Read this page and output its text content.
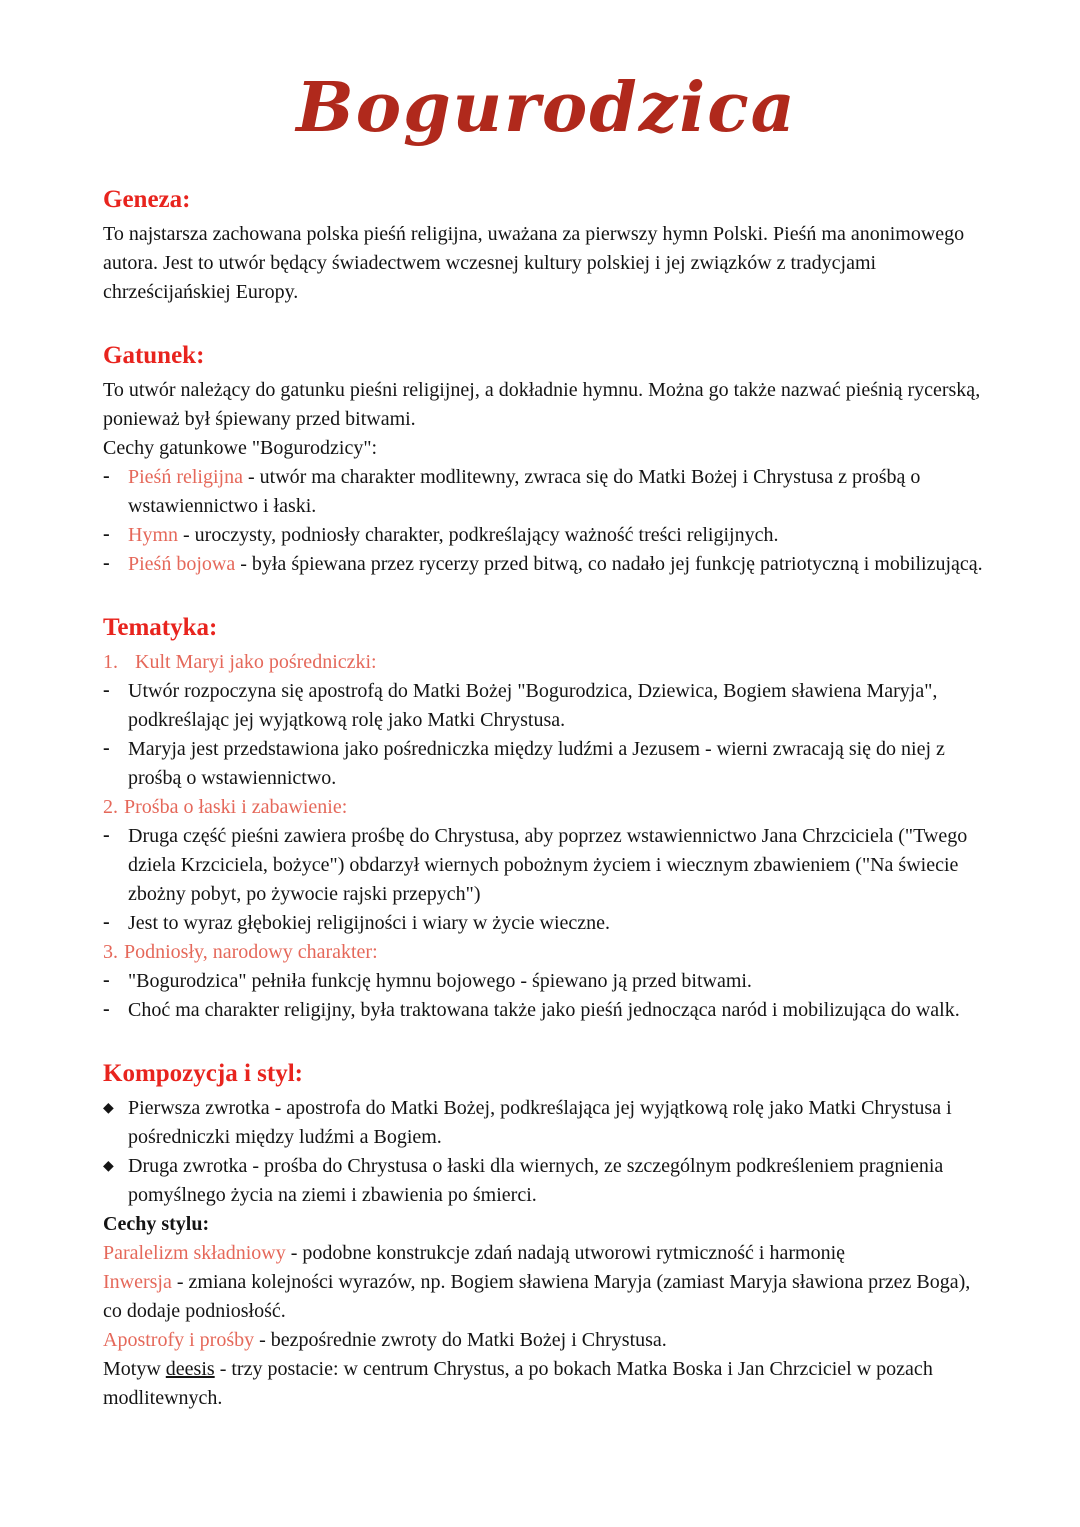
Bogurodzica
Geneza:

To najstarsza zachowana polska pieśń religijna, uważana za pierwszy hymn Polski. Pieśń ma anonimowego autora. Jest to utwór będący świadectwem wczesnej kultury polskiej i jej związków z tradycjami chrześcijańskiej Europy.

Gatunek:

To utwór należący do gatunku pieśni religijnej, a dokładnie hymnu. Można go także nazwać pieśnią rycerską, ponieważ był śpiewany przed bitwami.

Cechy gatunkowe "Bogurodzicy":

- Pieśń religijna - utwór ma charakter modlitewny, zwraca się do Matki Bożej i Chrystusa z prośbą o wstawiennictwo i łaski.
- Hymn - uroczysty, podniosły charakter, podkreślający ważność treści religijnych.
- Pieśń bojowa - była śpiewana przez rycerzy przed bitwą, co nadało jej funkcję patriotyczną i mobilizującą.
Tematyka:

1. Kult Maryi jako pośredniczki:

- Utwór rozpoczyna się apostrofą do Matki Bożej "Bogurodzica, Dziewica, Bogiem sławiena Maryja", podkreślając jej wyjątkową rolę jako Matki Chrystusa.
- Maryja jest przedstawiona jako pośredniczka między ludźmi a Jezusem - wierni zwracają się do niej z prośbą o wstawiennictwo.

2. Prośba o łaski i zabawienie:

- Druga część pieśni zawiera prośbę do Chrystusa, aby poprzez wstawiennictwo Jana Chrzciciela ("Twego dziela Krzciciela, bożyce") obdarzył wiernych pobożnym życiem i wiecznym zbawieniem ("Na świecie zbożny pobyt, po żywocie rajski przepych")
- Jest to wyraz głębokiej religijności i wiary w życie wieczne.

3. Podniosły, narodowy charakter:

- "Bogurodzica" pełniła funkcję hymnu bojowego - śpiewano ją przed bitwami.
- Choć ma charakter religijny, była traktowana także jako pieśń jednocząca naród i mobilizująca do walk.
Kompozycja i styl:
◆ Pierwsza zwrotka - apostrofa do Matki Bożej, podkreślająca jej wyjątkową rolę jako Matki Chrystusa i pośredniczki między ludźmi a Bogiem.
◆ Druga zwrotka - prośba do Chrystusa o łaski dla wiernych, ze szczególnym podkreśleniem pragnienia pomyślnego życia na ziemi i zbawienia po śmierci.

Cechy stylu:

Paralelizm składniowy - podobne konstrukcje zdań nadają utworowi rytmiczność i harmonię

Inwersja - zmiana kolejności wyrazów, np. Bogiem sławiena Maryja (zamiast Maryja sławiona przez Boga), co dodaje podniosłość.

Apostrofy i prośby - bezpośrednie zwroty do Matki Bożej i Chrystusa.

Motyw deesis - trzy postacie: w centrum Chrystus, a po bokach Matka Boska i Jan Chrzciciel w pozach modlitewnych.
